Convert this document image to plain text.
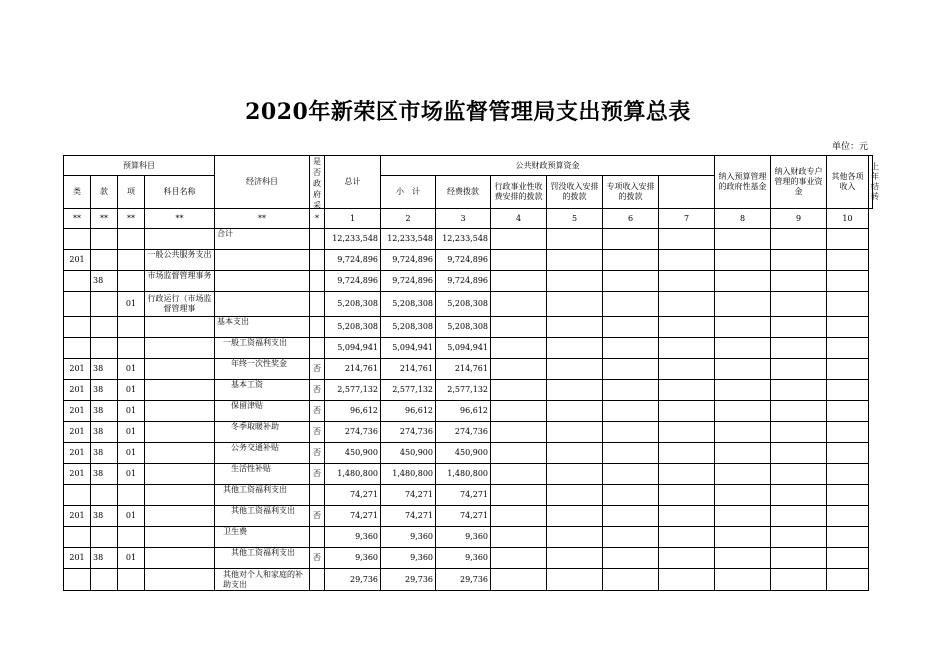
2020年新荣区市场监督管理局支出预算总表
单位：元
预算科目				经济科目	是否政府采	总计	公共财政预算资金						纳入预算管理的政府性基金	纳入财政专户管理的事业资金	其他各项收入	上年结转
类	款	项	科目名称				小　计	经费拨款	行政事业性收费安排的拨款	罚没收入安排的拨款	专项收入安排的拨款					
**	**	**	**	**	*	1	2	3	4	5	6	7	8	9	10	

				合计		12,233,548	12,233,548	12,233,548								
201			一般公共服务支出			9,724,896	9,724,896	9,724,896								
	38		市场监督管理事务			9,724,896	9,724,896	9,724,896								
		01	行政运行（市场监督管理事			5,208,308	5,208,308	5,208,308								

				基本支出		5,208,308	5,208,308	5,208,308								

				一般工资福利支出		5,094,941	5,094,941	5,094,941								
201	38	01		年终一次性奖金	否	214,761	214,761	214,761								
201	38	01		基本工资	否	2,577,132	2,577,132	2,577,132								
201	38	01		保留津贴	否	96,612	96,612	96,612								
201	38	01		冬季取暖补助	否	274,736	274,736	274,736								
201	38	01		公务交通补贴	否	450,900	450,900	450,900								
201	38	01		生活性补贴	否	1,480,800	1,480,800	1,480,800								

				其他工资福利支出		74,271	74,271	74,271								
201	38	01		其他工资福利支出	否	74,271	74,271	74,271								

				卫生费		9,360	9,360	9,360								
201	38	01		其他工资福利支出	否	9,360	9,360	9,360								

				其他对个人和家庭的补助支出		29,736	29,736	29,736								
